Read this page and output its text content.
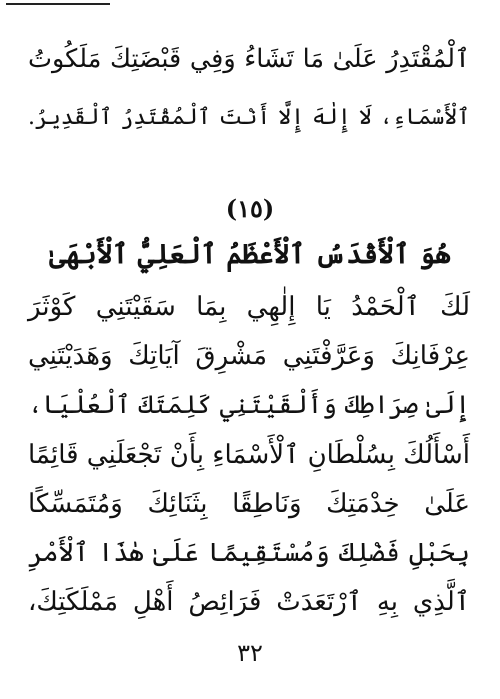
ٱلْمُقْتَدِرُ عَلَىٰ مَا تَشَاءُ وَفِي قَبْضَتِكَ مَلَكُوتُ
ٱلْأَسْمَاءِ، لَا إِلٰهَ إِلَّا أَنْتَ ٱلْمُقْتَدِرُ ٱلْقَدِيرُ.
(١٥)
هُوَ ٱلْأَقْدَسُ ٱلْأَعْظَمُ ٱلْعَلِيُّ ٱلْأَبْهَىٰ
لَكَ ٱلْحَمْدُ يَا إِلٰهِي بِمَا سَقَيْتَنِي كَوْثَرَ
عِرْفَانِكَ وَعَرَّفْتَنِي مَشْرِقَ آيَاتِكَ وَهَدَيْتَنِي
إِلَىٰ صِرَاطِكَ وَأَلْقَيْتَنِي كَلِمَتَكَ ٱلْعُلْيَا،
أَسْأَلُكَ بِسُلْطَانِ ٱلْأَسْمَاءِ بِأَنْ تَجْعَلَنِي قَائِمًا
عَلَىٰ خِدْمَتِكَ وَنَاطِقًا بِثَنَائِكَ وَمُتَمَسِّكًا
بِحَبْلِ فَضْلِكَ وَمُسْتَقِيمًا عَلَىٰ هٰذَا ٱلْأَمْرِ
ٱلَّذِي بِهِ ٱرْتَعَدَتْ فَرَائِصُ أَهْلِ مَمْلَكَتِكَ،
٣٢
